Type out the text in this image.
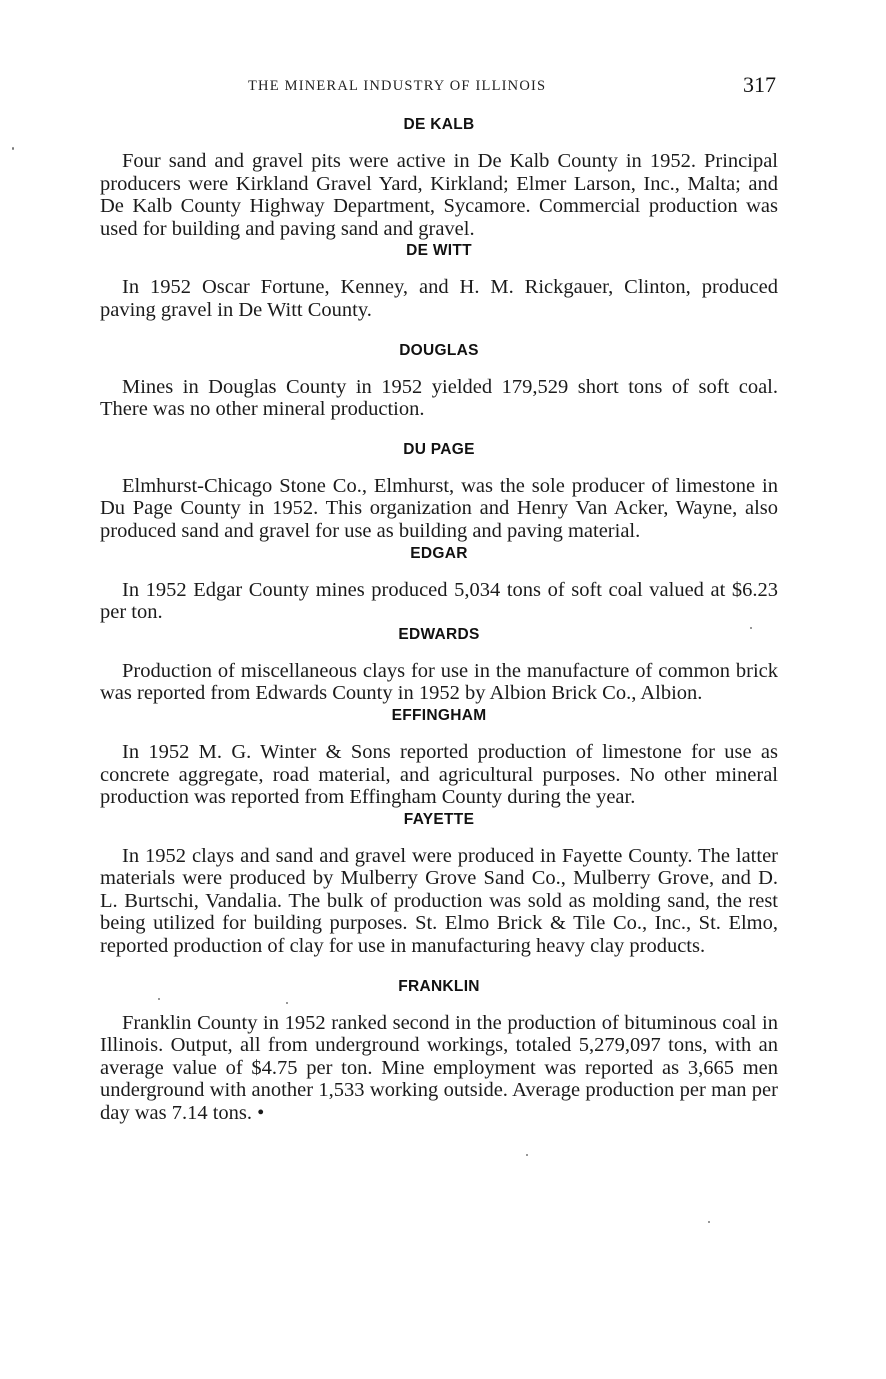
THE MINERAL INDUSTRY OF ILLINOIS	317
DE KALB

Four sand and gravel pits were active in De Kalb County in 1952. Principal producers were Kirkland Gravel Yard, Kirkland; Elmer Larson, Inc., Malta; and De Kalb County Highway Department, Sycamore. Commercial production was used for building and paving sand and gravel.

DE WITT

In 1952 Oscar Fortune, Kenney, and H. M. Rickgauer, Clinton, produced paving gravel in De Witt County.

DOUGLAS

Mines in Douglas County in 1952 yielded 179,529 short tons of soft coal. There was no other mineral production.

DU PAGE

Elmhurst-Chicago Stone Co., Elmhurst, was the sole producer of limestone in Du Page County in 1952. This organization and Henry Van Acker, Wayne, also produced sand and gravel for use as building and paving material.

EDGAR

In 1952 Edgar County mines produced 5,034 tons of soft coal valued at $6.23 per ton.

EDWARDS

Production of miscellaneous clays for use in the manufacture of common brick was reported from Edwards County in 1952 by Albion Brick Co., Albion.

EFFINGHAM

In 1952 M. G. Winter & Sons reported production of limestone for use as concrete aggregate, road material, and agricultural purposes. No other mineral production was reported from Effingham County during the year.

FAYETTE

In 1952 clays and sand and gravel were produced in Fayette County. The latter materials were produced by Mulberry Grove Sand Co., Mulberry Grove, and D. L. Burtschi, Vandalia. The bulk of production was sold as molding sand, the rest being utilized for building purposes. St. Elmo Brick & Tile Co., Inc., St. Elmo, reported production of clay for use in manufacturing heavy clay products.

FRANKLIN

Franklin County in 1952 ranked second in the production of bituminous coal in Illinois. Output, all from underground workings, totaled 5,279,097 tons, with an average value of $4.75 per ton. Mine employment was reported as 3,665 men underground with another 1,533 working outside. Average production per man per day was 7.14 tons. •
